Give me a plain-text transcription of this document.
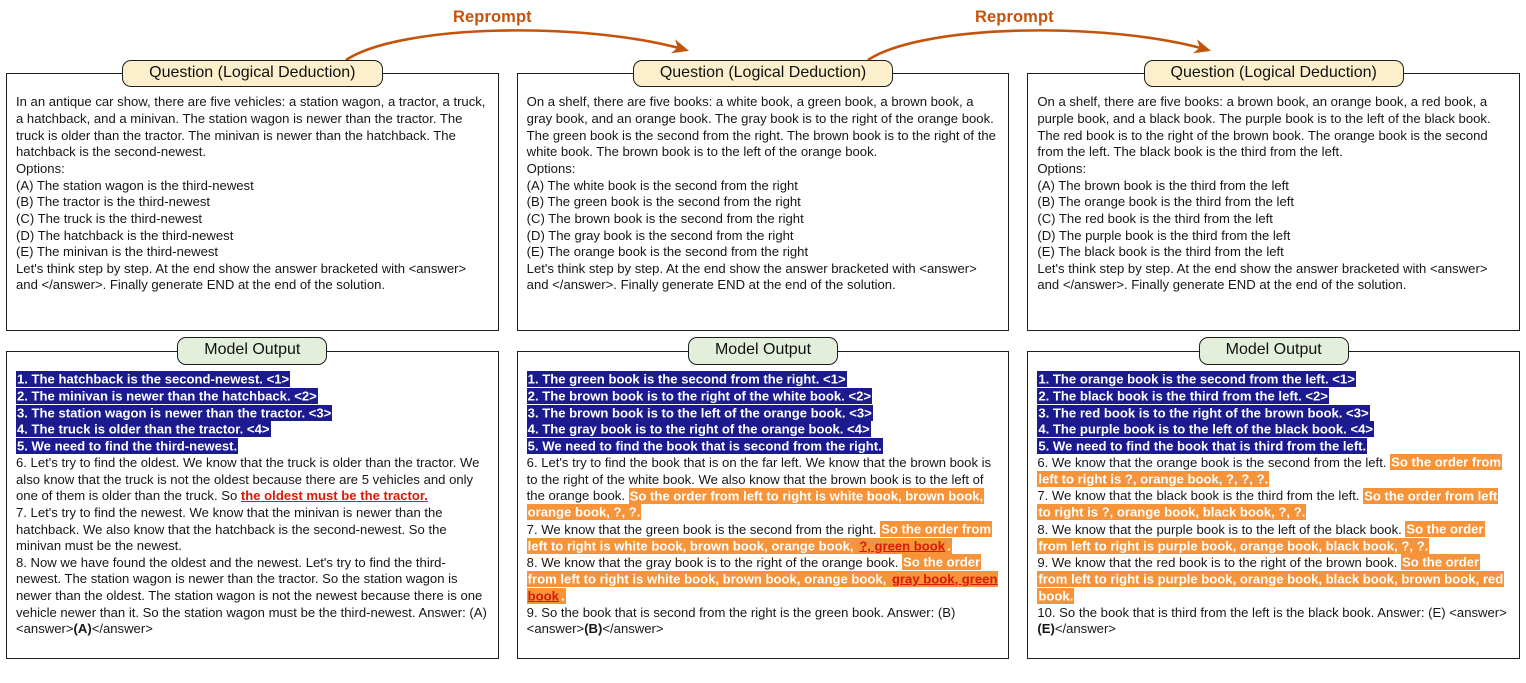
Reprompt	Reprompt
Question (Logical Deduction)
In an antique car show, there are five vehicles: a station wagon, a tractor, a truck, a hatchback, and a minivan. The station wagon is newer than the tractor. The truck is older than the tractor. The minivan is newer than the hatchback. The hatchback is the second-newest.
Options:
(A) The station wagon is the third-newest
(B) The tractor is the third-newest
(C) The truck is the third-newest
(D) The hatchback is the third-newest
(E) The minivan is the third-newest
Let's think step by step. At the end show the answer bracketed with <answer> and </answer>. Finally generate END at the end of the solution.
Model Output
1. The hatchback is the second-newest. <1>
2. The minivan is newer than the hatchback. <2>
3. The station wagon is newer than the tractor. <3>
4. The truck is older than the tractor. <4>
5. We need to find the third-newest.
6. Let's try to find the oldest. We know that the truck is older than the tractor. We also know that the truck is not the oldest because there are 5 vehicles and only one of them is older than the truck. So the oldest must be the tractor.
7. Let's try to find the newest. We know that the minivan is newer than the hatchback. We also know that the hatchback is the second-newest. So the minivan must be the newest.
8. Now we have found the oldest and the newest. Let's try to find the third-newest. The station wagon is newer than the tractor. So the station wagon is newer than the oldest. The station wagon is not the newest because there is one vehicle newer than it. So the station wagon must be the third-newest. Answer: (A) <answer>(A)</answer>
Question (Logical Deduction)
On a shelf, there are five books: a white book, a green book, a brown book, a gray book, and an orange book. The gray book is to the right of the orange book. The green book is the second from the right. The brown book is to the right of the white book. The brown book is to the left of the orange book.
Options:
(A) The white book is the second from the right
(B) The green book is the second from the right
(C) The brown book is the second from the right
(D) The gray book is the second from the right
(E) The orange book is the second from the right
Let's think step by step. At the end show the answer bracketed with <answer> and </answer>. Finally generate END at the end of the solution.
Model Output
1. The green book is the second from the right. <1>
2. The brown book is to the right of the white book. <2>
3. The brown book is to the left of the orange book. <3>
4. The gray book is to the right of the orange book. <4>
5. We need to find the book that is second from the right.
6. Let's try to find the book that is on the far left. We know that the brown book is to the right of the white book. We also know that the brown book is to the left of the orange book. So the order from left to right is white book, brown book, orange book, ?, ?.
7. We know that the green book is the second from the right. So the order from left to right is white book, brown book, orange book, ?, green book .
8. We know that the gray book is to the right of the orange book. So the order from left to right is white book, brown book, orange book, gray book, green book .
9. So the book that is second from the right is the green book. Answer: (B) <answer>(B)</answer>
Question (Logical Deduction)
On a shelf, there are five books: a brown book, an orange book, a red book, a purple book, and a black book. The purple book is to the left of the black book. The red book is to the right of the brown book. The orange book is the second from the left. The black book is the third from the left.
Options:
(A) The brown book is the third from the left
(B) The orange book is the third from the left
(C) The red book is the third from the left
(D) The purple book is the third from the left
(E) The black book is the third from the left
Let's think step by step. At the end show the answer bracketed with <answer> and </answer>. Finally generate END at the end of the solution.
Model Output
1. The orange book is the second from the left. <1>
2. The black book is the third from the left. <2>
3. The red book is to the right of the brown book. <3>
4. The purple book is to the left of the black book. <4>
5. We need to find the book that is third from the left.
6. We know that the orange book is the second from the left. So the order from left to right is ?, orange book, ?, ?, ?.
7. We know that the black book is the third from the left. So the order from left to right is ?, orange book, black book, ?, ?.
8. We know that the purple book is to the left of the black book. So the order from left to right is purple book, orange book, black book, ?, ?.
9. We know that the red book is to the right of the brown book. So the order from left to right is purple book, orange book, black book, brown book, red book.
10. So the book that is third from the left is the black book. Answer: (E) <answer>(E)</answer>
